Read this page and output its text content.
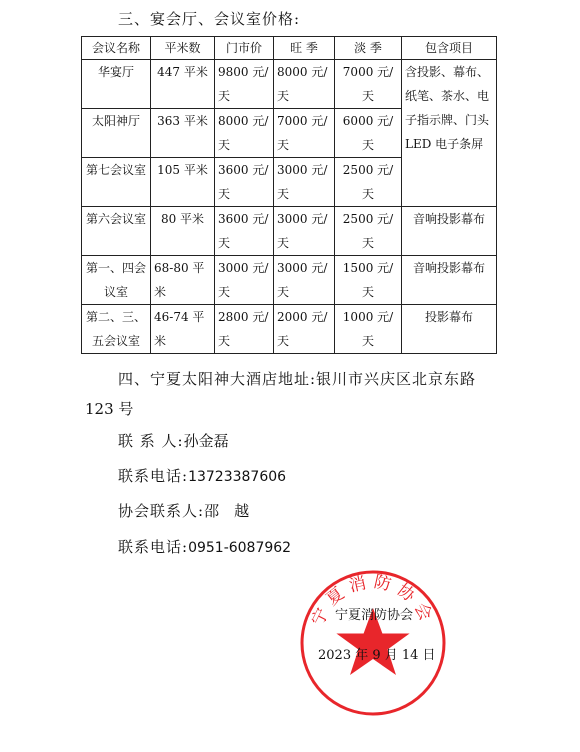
三、宴会厅、会议室价格:
会议名称	平米数	门市价	旺 季	淡 季	包含项目
华宴厅	447 平米	9800 元/天	8000 元/天	7000 元/天	含投影、幕布、纸笔、茶水、电子指示牌、门头 LED 电子条屏
太阳神厅	363 平米	8000 元/天	7000 元/天	6000 元/天	
第七会议室	105 平米	3600 元/天	3000 元/天	2500 元/天	
第六会议室	80 平米	3600 元/天	3000 元/天	2500 元/天	音响投影幕布
第一、四会议室	68-80 平米	3000 元/天	3000 元/天	1500 元/天	音响投影幕布
第二、三、五会议室	46-74 平米	2800 元/天	2000 元/天	1000 元/天	投影幕布
四、宁夏太阳神大酒店地址:银川市兴庆区北京东路
123 号
联 系 人:孙金磊
联系电话:13723387606
协会联系人:邵　越
联系电话:0951-6087962
宁夏消防协会
宁夏消防协会
2023 年 9 月 14 日
